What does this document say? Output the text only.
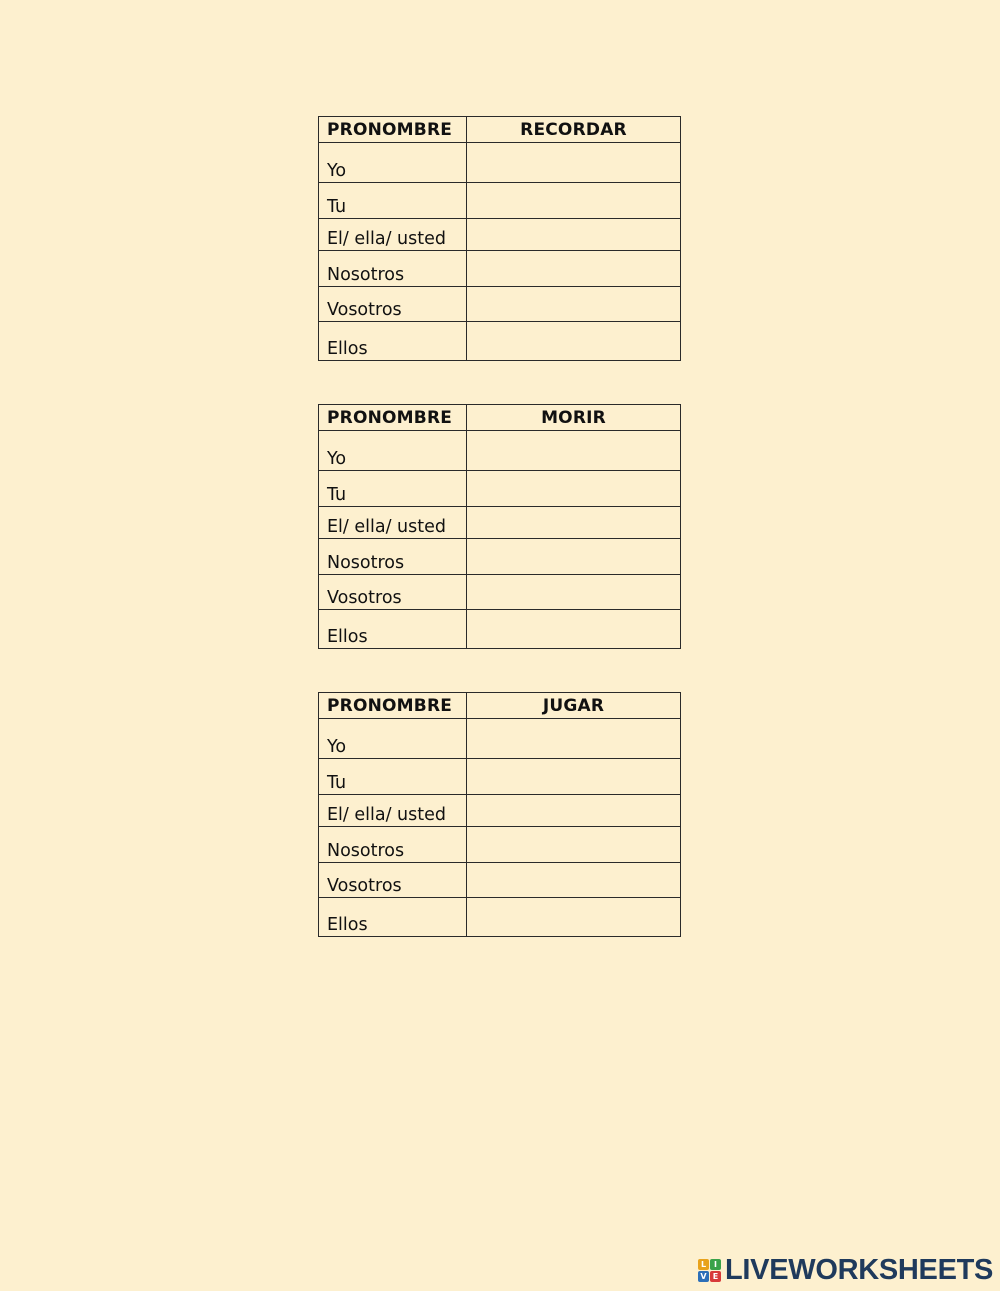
PRONOMBRE	RECORDAR
Yo	
Tu	
El/ ella/ usted	
Nosotros	
Vosotros	
Ellos	
PRONOMBRE	MORIR
Yo	
Tu	
El/ ella/ usted	
Nosotros	
Vosotros	
Ellos	
PRONOMBRE	JUGAR
Yo	
Tu	
El/ ella/ usted	
Nosotros	
Vosotros	
Ellos	
L I
V E LIVEWORKSHEETS
